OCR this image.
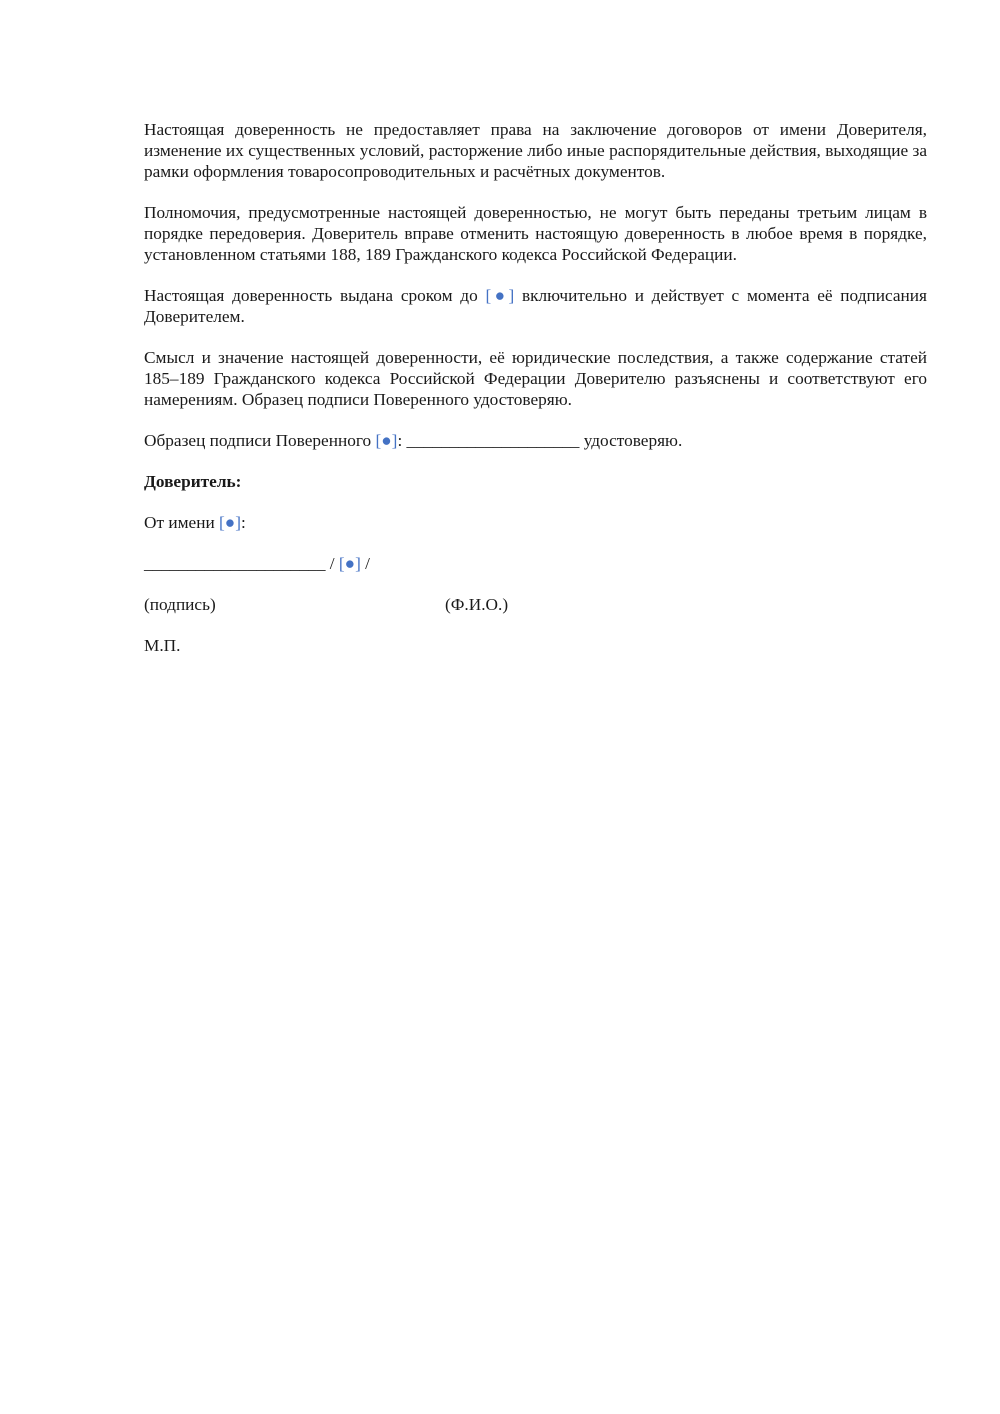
Настоящая доверенность не предоставляет права на заключение договоров от имени Доверителя, изменение их существенных условий, расторжение либо иные распорядительные действия, выходящие за рамки оформления товаросопроводительных и расчётных документов.

Полномочия, предусмотренные настоящей доверенностью, не могут быть переданы третьим лицам в порядке передоверия. Доверитель вправе отменить настоящую доверенность в любое время в порядке, установленном статьями 188, 189 Гражданского кодекса Российской Федерации.

Настоящая доверенность выдана сроком до [●] включительно и действует с момента её подписания Доверителем.

Смысл и значение настоящей доверенности, её юридические последствия, а также содержание статей 185–189 Гражданского кодекса Российской Федерации Доверителю разъяснены и соответствуют его намерениям. Образец подписи Поверенного удостоверяю.

Образец подписи Поверенного [●]: ____________________ удостоверяю.

Доверитель:

От имени [●]:

_____________________ / [●] /

(подпись)	(Ф.И.О.)

М.П.
